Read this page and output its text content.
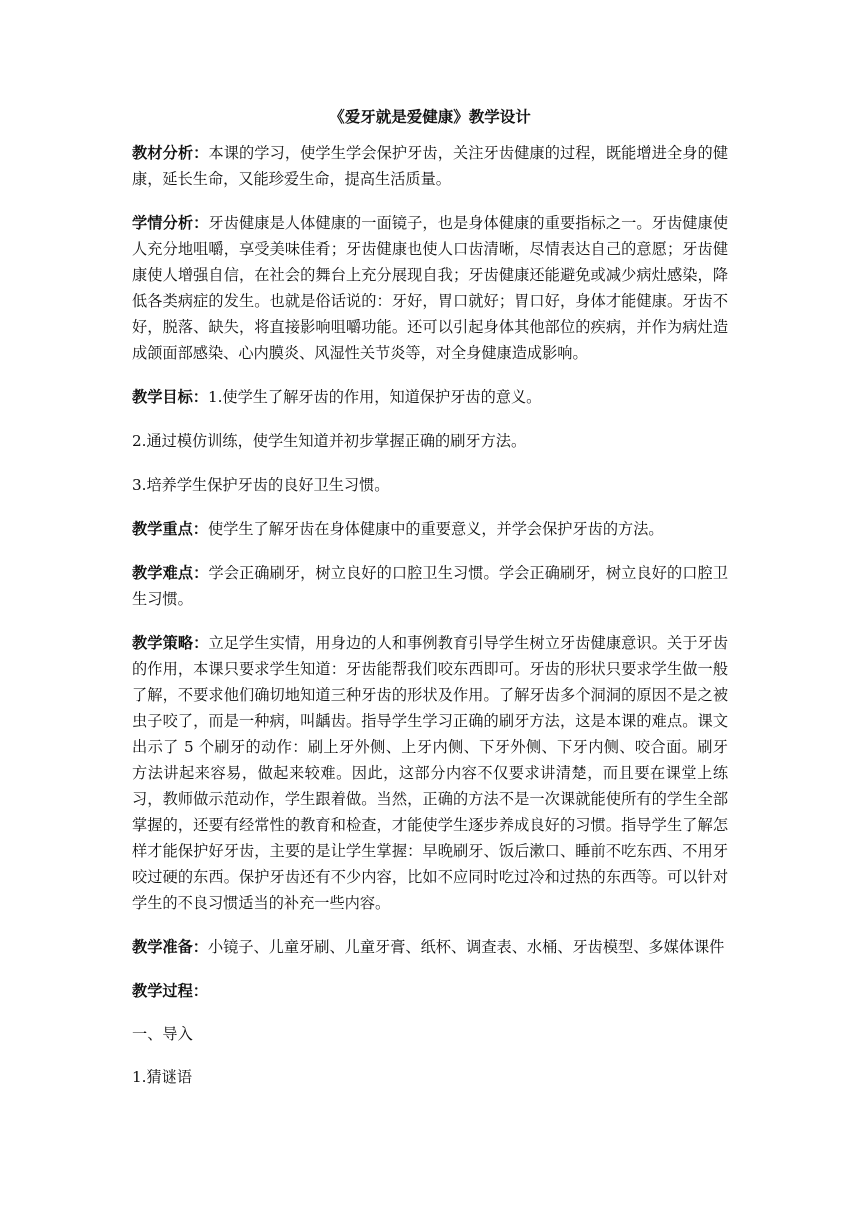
《爱牙就是爱健康》教学设计
教材分析：本课的学习，使学生学会保护牙齿，关注牙齿健康的过程，既能增进全身的健康，延长生命，又能珍爱生命，提高生活质量。
学情分析：牙齿健康是人体健康的一面镜子，也是身体健康的重要指标之一。牙齿健康使人充分地咀嚼，享受美味佳肴；牙齿健康也使人口齿清晰，尽情表达自己的意愿；牙齿健康使人增强自信，在社会的舞台上充分展现自我；牙齿健康还能避免或减少病灶感染，降低各类病症的发生。也就是俗话说的：牙好，胃口就好；胃口好，身体才能健康。牙齿不好，脱落、缺失，将直接影响咀嚼功能。还可以引起身体其他部位的疾病，并作为病灶造成颌面部感染、心内膜炎、风湿性关节炎等，对全身健康造成影响。
教学目标：1.使学生了解牙齿的作用，知道保护牙齿的意义。
2.通过模仿训练，使学生知道并初步掌握正确的刷牙方法。
3.培养学生保护牙齿的良好卫生习惯。
教学重点：使学生了解牙齿在身体健康中的重要意义，并学会保护牙齿的方法。
教学难点：学会正确刷牙，树立良好的口腔卫生习惯。学会正确刷牙，树立良好的口腔卫生习惯。
教学策略：立足学生实情，用身边的人和事例教育引导学生树立牙齿健康意识。关于牙齿的作用，本课只要求学生知道：牙齿能帮我们咬东西即可。牙齿的形状只要求学生做一般了解，不要求他们确切地知道三种牙齿的形状及作用。了解牙齿多个洞洞的原因不是之被虫子咬了，而是一种病，叫龋齿。指导学生学习正确的刷牙方法，这是本课的难点。课文出示了 5 个刷牙的动作：刷上牙外侧、上牙内侧、下牙外侧、下牙内侧、咬合面。刷牙方法讲起来容易，做起来较难。因此，这部分内容不仅要求讲清楚，而且要在课堂上练习，教师做示范动作，学生跟着做。当然，正确的方法不是一次课就能使所有的学生全部掌握的，还要有经常性的教育和检查，才能使学生逐步养成良好的习惯。指导学生了解怎样才能保护好牙齿，主要的是让学生掌握：早晚刷牙、饭后漱口、睡前不吃东西、不用牙咬过硬的东西。保护牙齿还有不少内容，比如不应同时吃过冷和过热的东西等。可以针对学生的不良习惯适当的补充一些内容。
教学准备：小镜子、儿童牙刷、儿童牙膏、纸杯、调查表、水桶、牙齿模型、多媒体课件
教学过程：
一、导入
1.猜谜语
